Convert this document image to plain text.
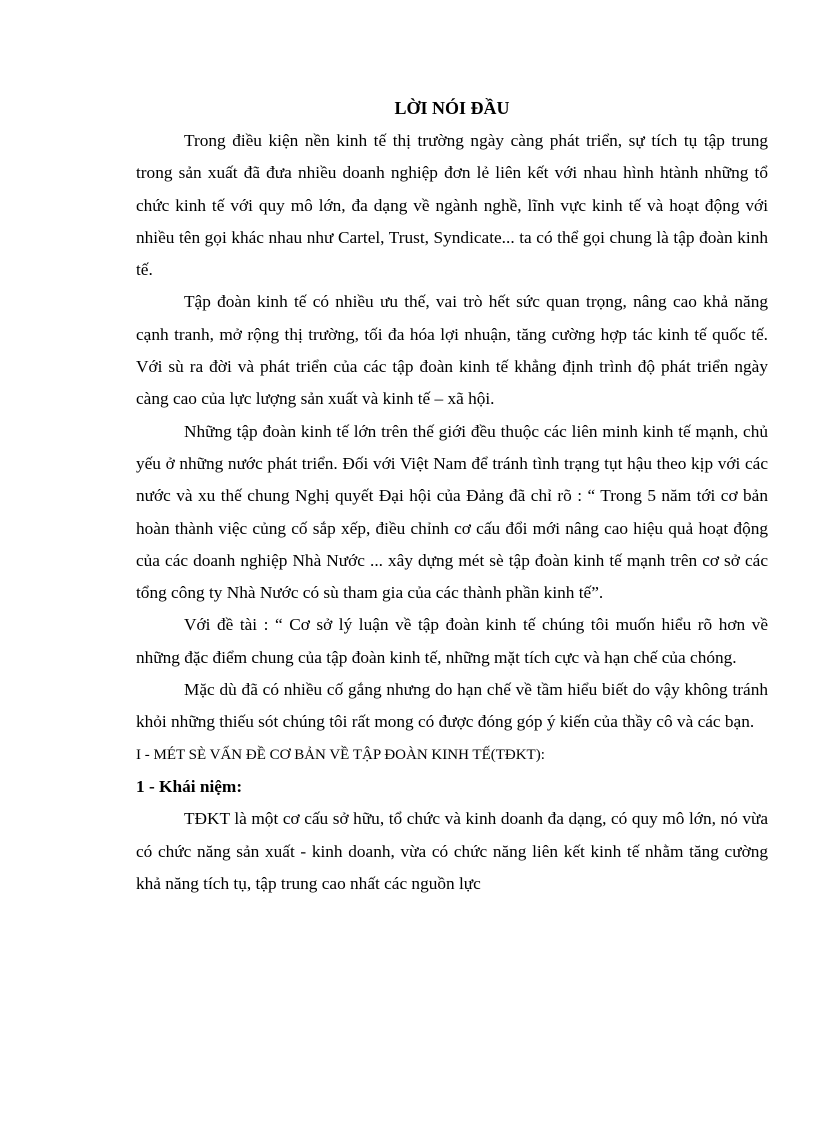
LỜI NÓI ĐẦU

Trong điều kiện nền kinh tế thị trường ngày càng phát triển, sự tích tụ tập trung trong sản xuất đã đưa nhiều doanh nghiệp đơn lẻ liên kết với nhau hình htành những tổ chức kinh tế với quy mô lớn, đa dạng về ngành nghề, lĩnh vực kinh tế và hoạt động với nhiều tên gọi khác nhau như Cartel, Trust, Syndicate... ta có thể gọi chung là tập đoàn kinh tế.

Tập đoàn kinh tế có nhiều ưu thế, vai trò hết sức quan trọng, nâng cao khả năng cạnh tranh, mở rộng thị trường, tối đa hóa lợi nhuận, tăng cường hợp tác kinh tế quốc tế. Với sù ra đời và phát triển của các tập đoàn kinh tế khẳng định trình độ phát triển ngày càng cao của lực lượng sản xuất và kinh tế – xã hội.

Những tập đoàn kinh tế lớn trên thế giới đều thuộc các liên minh kinh tế mạnh, chủ yếu ở những nước phát triển. Đối với Việt Nam để tránh tình trạng tụt hậu theo kịp với các nước và xu thế chung Nghị quyết Đại hội của Đảng đã chỉ rõ : “ Trong 5 năm tới cơ bản hoàn thành việc củng cố sắp xếp, điều chỉnh cơ cấu đổi mới nâng cao hiệu quả hoạt động của các doanh nghiệp Nhà Nước ... xây dựng mét sè tập đoàn kinh tế mạnh trên cơ sở các tổng công ty Nhà Nước có sù tham gia của các thành phần kinh tế”.

Với đề tài : “ Cơ sở lý luận về tập đoàn kinh tế chúng tôi muốn hiểu rõ hơn về những đặc điểm chung của tập đoàn kinh tế, những mặt tích cực và hạn chế của chóng.

Mặc dù đã có nhiều cố gắng nhưng do hạn chế về tầm hiểu biết do vậy không tránh khỏi những thiếu sót chúng tôi rất mong có được đóng góp ý kiến của thầy cô và các bạn.

I - MÉT SÈ VẤN ĐỀ CƠ BẢN VỀ TẬP ĐOÀN KINH TẾ(TĐKT):

1 - Khái niệm:

TĐKT là một cơ cấu sở hữu, tổ chức và kinh doanh đa dạng, có quy mô lớn, nó vừa có chức năng sản xuất - kinh doanh, vừa có chức năng liên kết kinh tế nhằm tăng cường khả năng tích tụ, tập trung cao nhất các nguồn lực
